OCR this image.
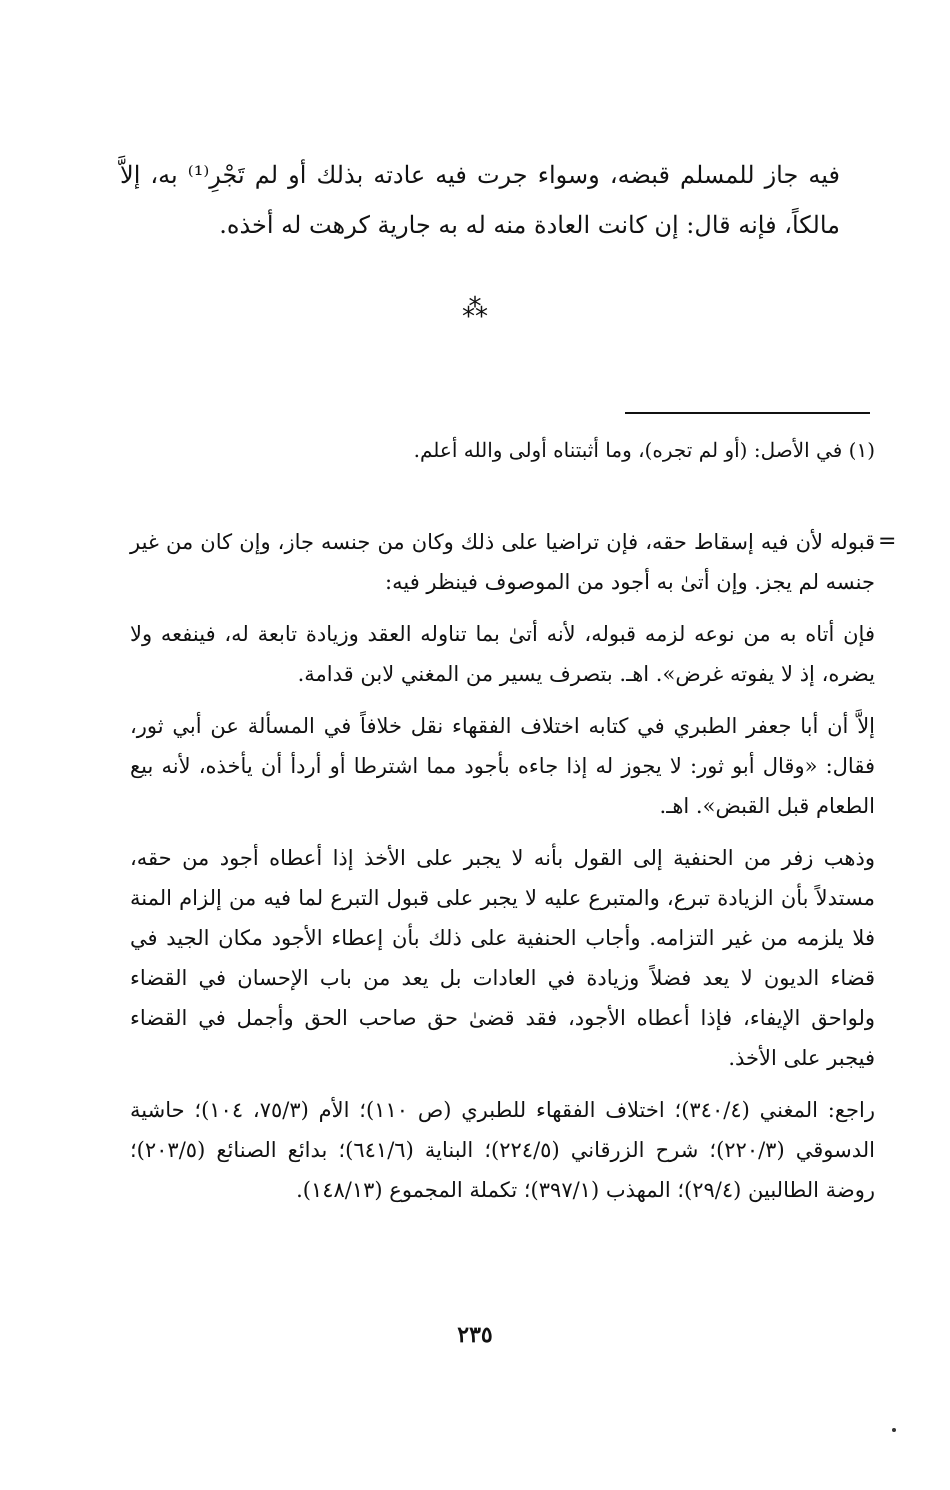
فيه جاز للمسلم قبضه، وسواء جرت فيه عادته بذلك أو لم تَجْرِ⁽¹⁾ به، إلاَّ مالكاً، فإنه قال: إن كانت العادة منه له به جارية كرهت له أخذه.
⁂
(١) في الأصل: (أو لم تجره)، وما أثبتناه أولى والله أعلم.
=

قبوله لأن فيه إسقاط حقه، فإن تراضيا على ذلك وكان من جنسه جاز، وإن كان من غير جنسه لم يجز. وإن أتىٰ به أجود من الموصوف فينظر فيه:

فإن أتاه به من نوعه لزمه قبوله، لأنه أتىٰ بما تناوله العقد وزيادة تابعة له، فينفعه ولا يضره، إذ لا يفوته غرض». اهـ. بتصرف يسير من المغني لابن قدامة.

إلاَّ أن أبا جعفر الطبري في كتابه اختلاف الفقهاء نقل خلافاً في المسألة عن أبي ثور، فقال: «وقال أبو ثور: لا يجوز له إذا جاءه بأجود مما اشترطا أو أردأ أن يأخذه، لأنه بيع الطعام قبل القبض». اهـ.

وذهب زفر من الحنفية إلى القول بأنه لا يجبر على الأخذ إذا أعطاه أجود من حقه، مستدلاً بأن الزيادة تبرع، والمتبرع عليه لا يجبر على قبول التبرع لما فيه من إلزام المنة فلا يلزمه من غير التزامه. وأجاب الحنفية على ذلك بأن إعطاء الأجود مكان الجيد في قضاء الديون لا يعد فضلاً وزيادة في العادات بل يعد من باب الإحسان في القضاء ولواحق الإيفاء، فإذا أعطاه الأجود، فقد قضىٰ حق صاحب الحق وأجمل في القضاء فيجبر على الأخذ.

راجع: المغني (٣٤٠/٤)؛ اختلاف الفقهاء للطبري (ص ١١٠)؛ الأم (٧٥/٣، ١٠٤)؛ حاشية الدسوقي (٢٢٠/٣)؛ شرح الزرقاني (٢٢٤/٥)؛ البناية (٦٤١/٦)؛ بدائع الصنائع (٢٠٣/٥)؛ روضة الطالبين (٢٩/٤)؛ المهذب (٣٩٧/١)؛ تكملة المجموع (١٤٨/١٣).

٢٣٥
